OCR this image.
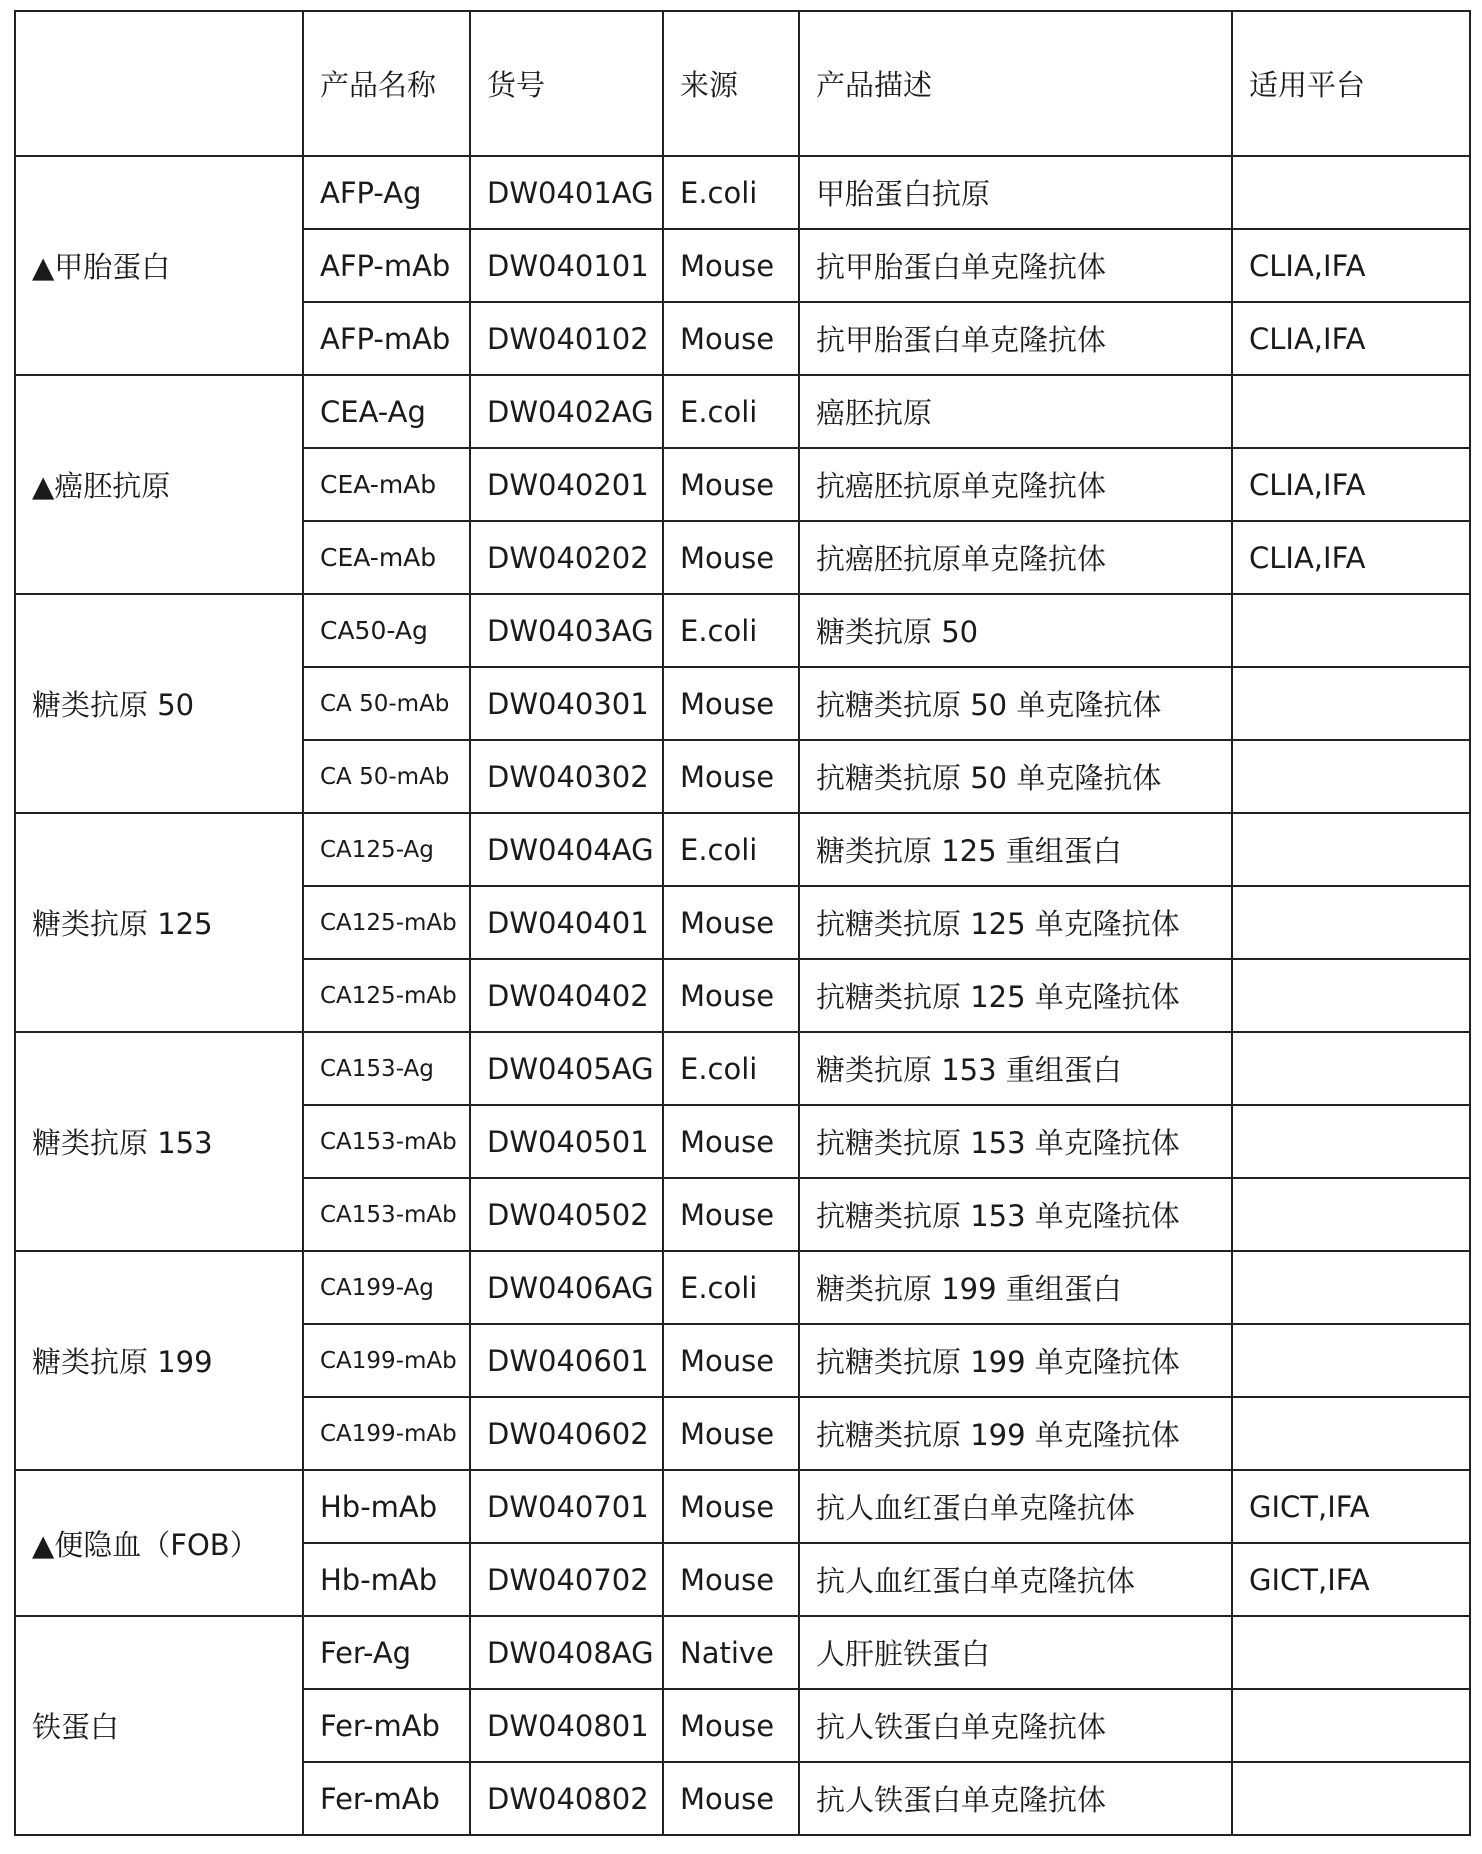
	产品名称	货号	来源	产品描述	适用平台
▲甲胎蛋白	AFP-Ag	DW0401AG	E.coli	甲胎蛋白抗原	
	AFP-mAb	DW040101	Mouse	抗甲胎蛋白单克隆抗体	CLIA,IFA
	AFP-mAb	DW040102	Mouse	抗甲胎蛋白单克隆抗体	CLIA,IFA
▲癌胚抗原	CEA-Ag	DW0402AG	E.coli	癌胚抗原	
	CEA-mAb	DW040201	Mouse	抗癌胚抗原单克隆抗体	CLIA,IFA
	CEA-mAb	DW040202	Mouse	抗癌胚抗原单克隆抗体	CLIA,IFA
糖类抗原 50	CA50-Ag	DW0403AG	E.coli	糖类抗原 50	
	CA 50-mAb	DW040301	Mouse	抗糖类抗原 50 单克隆抗体	
	CA 50-mAb	DW040302	Mouse	抗糖类抗原 50 单克隆抗体	
糖类抗原 125	CA125-Ag	DW0404AG	E.coli	糖类抗原 125 重组蛋白	
	CA125-mAb	DW040401	Mouse	抗糖类抗原 125 单克隆抗体	
	CA125-mAb	DW040402	Mouse	抗糖类抗原 125 单克隆抗体	
糖类抗原 153	CA153-Ag	DW0405AG	E.coli	糖类抗原 153 重组蛋白	
	CA153-mAb	DW040501	Mouse	抗糖类抗原 153 单克隆抗体	
	CA153-mAb	DW040502	Mouse	抗糖类抗原 153 单克隆抗体	
糖类抗原 199	CA199-Ag	DW0406AG	E.coli	糖类抗原 199 重组蛋白	
	CA199-mAb	DW040601	Mouse	抗糖类抗原 199 单克隆抗体	
	CA199-mAb	DW040602	Mouse	抗糖类抗原 199 单克隆抗体	
▲便隐血（FOB）	Hb-mAb	DW040701	Mouse	抗人血红蛋白单克隆抗体	GICT,IFA
	Hb-mAb	DW040702	Mouse	抗人血红蛋白单克隆抗体	GICT,IFA
铁蛋白	Fer-Ag	DW0408AG	Native	人肝脏铁蛋白	
	Fer-mAb	DW040801	Mouse	抗人铁蛋白单克隆抗体	
	Fer-mAb	DW040802	Mouse	抗人铁蛋白单克隆抗体	
